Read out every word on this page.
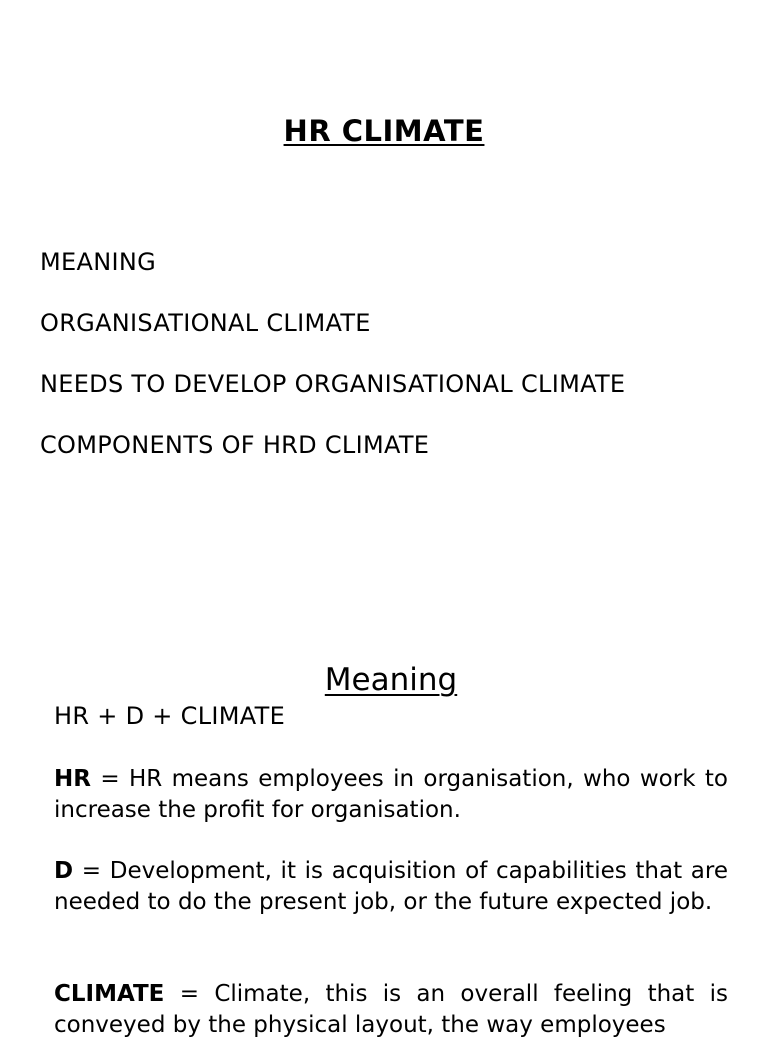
HR CLIMATE
MEANING
ORGANISATIONAL CLIMATE
NEEDS TO DEVELOP ORGANISATIONAL CLIMATE
COMPONENTS OF HRD CLIMATE
Meaning
HR + D + CLIMATE

HR = HR means employees in organisation, who work to increase the profit for organisation.

D = Development, it is acquisition of capabilities that are needed to do the present job, or the future expected job.

CLIMATE = Climate, this is an overall feeling that is conveyed by the physical layout, the way employees
